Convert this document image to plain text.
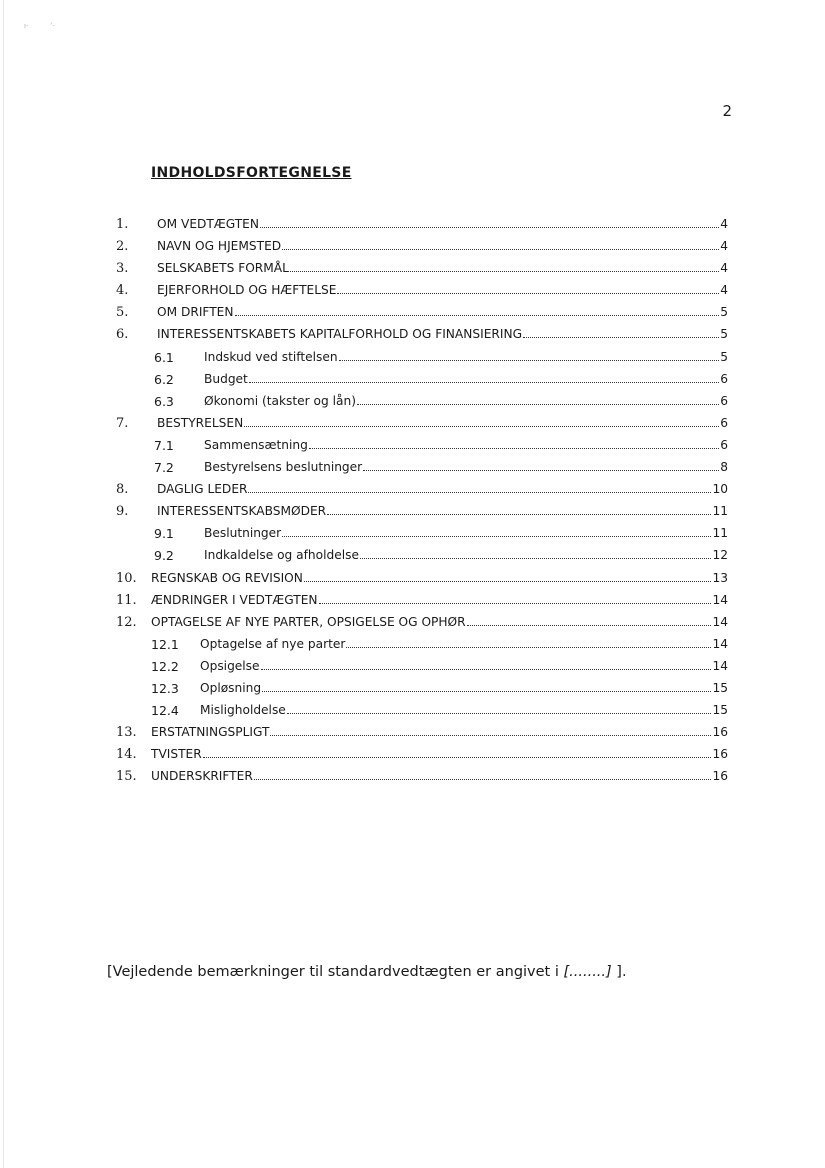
ı·          ʾ·
2
INDHOLDSFORTEGNELSE
1. OM VEDTÆGTEN	4
2. NAVN OG HJEMSTED	4
3. SELSKABETS FORMÅL	4
4. EJERFORHOLD OG HÆFTELSE	4
5. OM DRIFTEN	5
6. INTERESSENTSKABETS KAPITALFORHOLD OG FINANSIERING	5
6.1 Indskud ved stiftelsen	5
6.2 Budget	6
6.3 Økonomi (takster og lån)	6
7. BESTYRELSEN	6
7.1 Sammensætning	6
7.2 Bestyrelsens beslutninger	8
8. DAGLIG LEDER	10
9. INTERESSENTSKABSMØDER	11
9.1 Beslutninger	11
9.2 Indkaldelse og afholdelse	12
10. REGNSKAB OG REVISION	13
11. ÆNDRINGER I VEDTÆGTEN	14
12. OPTAGELSE AF NYE PARTER, OPSIGELSE OG OPHØR	14
12.1 Optagelse af nye parter	14
12.2 Opsigelse	14
12.3 Opløsning	15
12.4 Misligholdelse	15
13. ERSTATNINGSPLIGT	16
14. TVISTER	16
15. UNDERSKRIFTER	16
[Vejledende bemærkninger til standardvedtægten er angivet i [........] ].
